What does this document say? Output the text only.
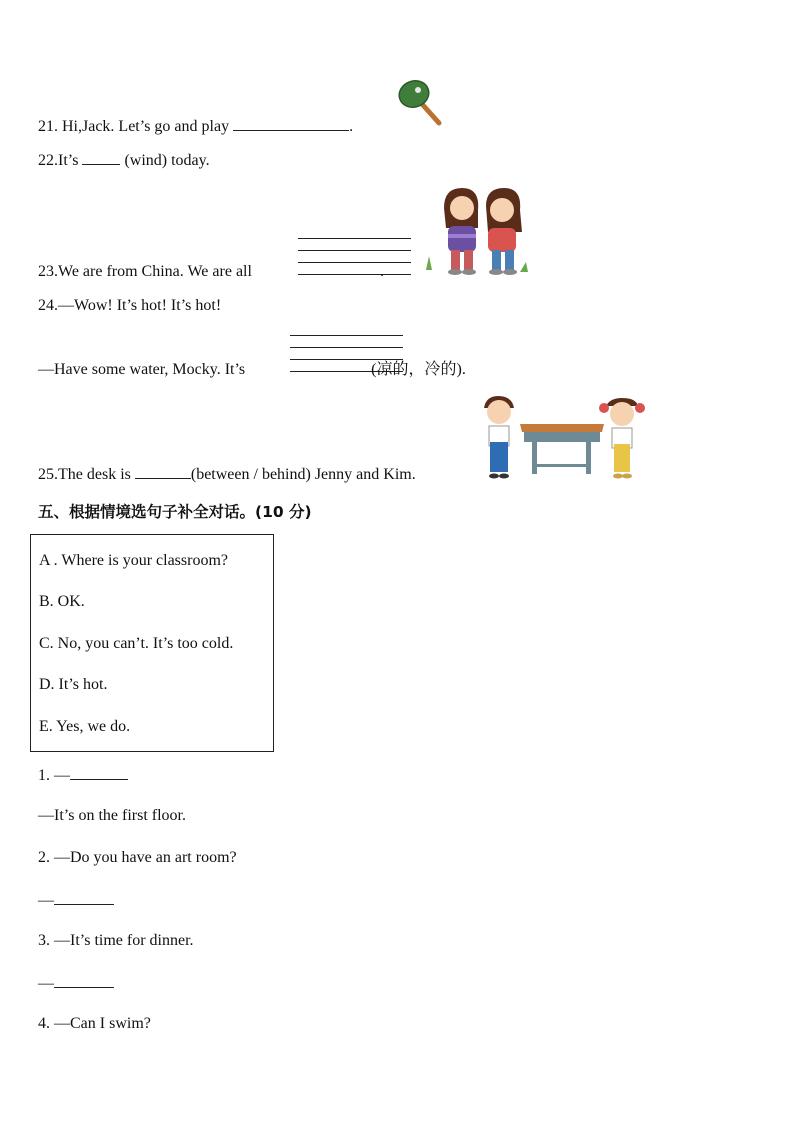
21. Hi,Jack. Let’s go and play	.
22.It’s	(wind) today.
23.We are from China. We are all	.
24.—Wow! It’s hot! It’s hot!
—Have some water, Mocky. It’s	(凉的，冷的).
25.The desk is	(between / behind) Jenny and Kim.
五、根据情境选句子补全对话。(10 分)
A . Where is your classroom?
B. OK.
C. No, you can’t. It’s too cold.
D. It’s hot.
E. Yes, we do.
1. —
—It’s on the first floor.
2. —Do you have an art room?
—
3. —It’s time for dinner.
—
4. —Can I swim?
